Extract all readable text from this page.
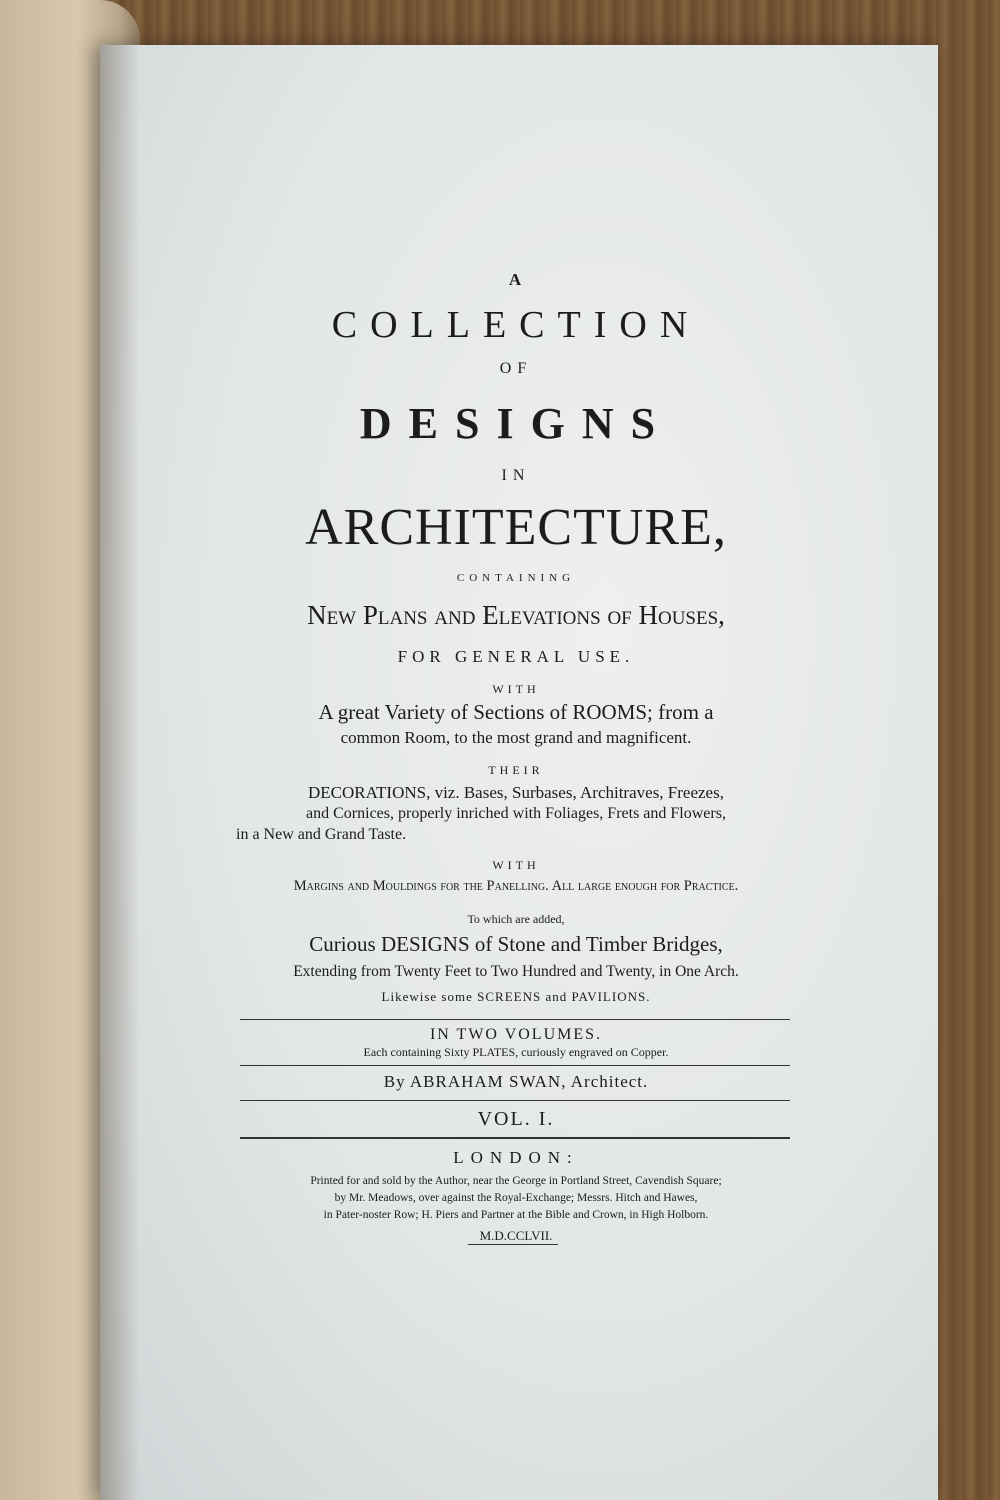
A
COLLECTION
OF
DESIGNS
IN
ARCHITECTURE,
CONTAINING
New Plans and Elevations of Houses,
FOR GENERAL USE.
WITH
A great Variety of Sections of ROOMS; from a
common Room, to the most grand and magnificent.
THEIR
DECORATIONS, viz. Bases, Surbases, Architraves, Freezes,
and Cornices, properly inriched with Foliages, Frets and Flowers,
in a New and Grand Taste.
WITH
Margins and Mouldings for the Panelling. All large enough for Practice.
To which are added,
Curious DESIGNS of Stone and Timber Bridges,
Extending from Twenty Feet to Two Hundred and Twenty, in One Arch.
Likewise some SCREENS and PAVILIONS.
IN TWO VOLUMES.
Each containing Sixty PLATES, curiously engraved on Copper.
By ABRAHAM SWAN, Architect.
VOL. I.
LONDON:
Printed for and sold by the Author, near the George in Portland Street, Cavendish Square;
by Mr. Meadows, over against the Royal-Exchange; Messrs. Hitch and Hawes,
in Pater-noster Row; H. Piers and Partner at the Bible and Crown, in High Holborn.
M.D.CCLVII.
